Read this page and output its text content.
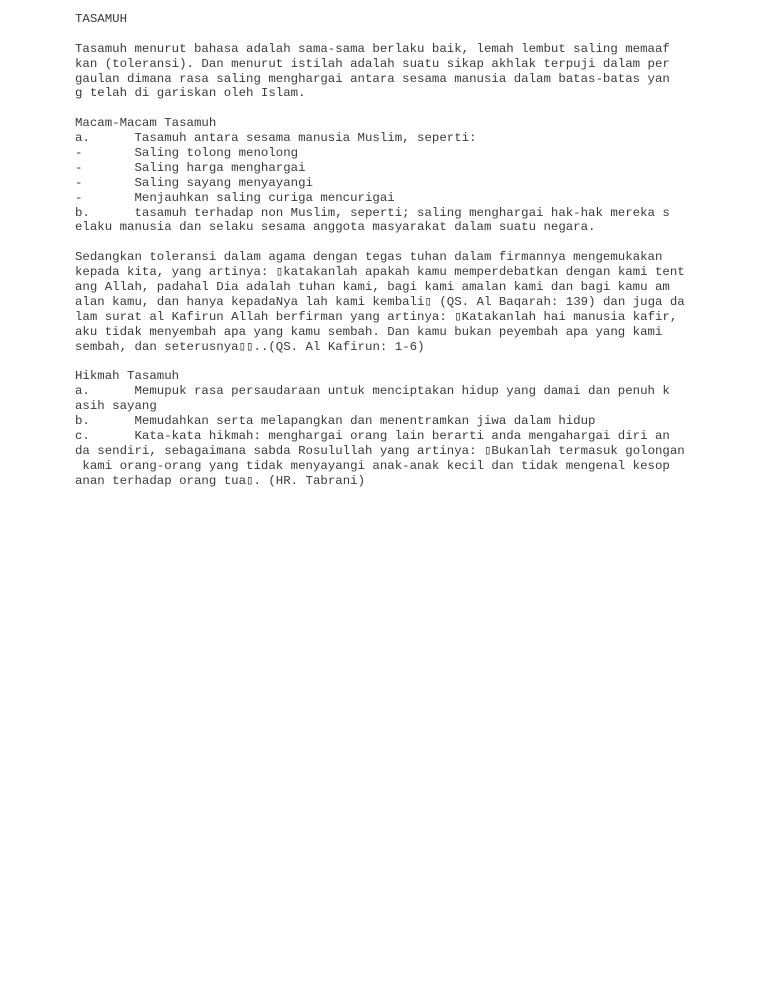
TASAMUH
Tasamuh menurut bahasa adalah sama-sama berlaku baik, lemah lembut saling memaaf
kan (toleransi). Dan menurut istilah adalah suatu sikap akhlak terpuji dalam per
gaulan dimana rasa saling menghargai antara sesama manusia dalam batas-batas yan
g telah di gariskan oleh Islam.
Macam-Macam Tasamuh
a.      Tasamuh antara sesama manusia Muslim, seperti:
-       Saling tolong menolong
-       Saling harga menghargai
-       Saling sayang menyayangi
-       Menjauhkan saling curiga mencurigai
b.      tasamuh terhadap non Muslim, seperti; saling menghargai hak-hak mereka s
elaku manusia dan selaku sesama anggota masyarakat dalam suatu negara.
Sedangkan toleransi dalam agama dengan tegas tuhan dalam firmannya mengemukakan
kepada kita, yang artinya: ▯katakanlah apakah kamu memperdebatkan dengan kami tent
ang Allah, padahal Dia adalah tuhan kami, bagi kami amalan kami dan bagi kamu am
alan kamu, dan hanya kepadaNya lah kami kembali▯ (QS. Al Baqarah: 139) dan juga da
lam surat al Kafirun Allah berfirman yang artinya: ▯Katakanlah hai manusia kafir,
aku tidak menyembah apa yang kamu sembah. Dan kamu bukan peyembah apa yang kami
sembah, dan seterusnya▯▯..(QS. Al Kafirun: 1-6)
Hikmah Tasamuh
a.      Memupuk rasa persaudaraan untuk menciptakan hidup yang damai dan penuh k
asih sayang
b.      Memudahkan serta melapangkan dan menentramkan jiwa dalam hidup
c.      Kata-kata hikmah: menghargai orang lain berarti anda mengahargai diri an
da sendiri, sebagaimana sabda Rosulullah yang artinya: ▯Bukanlah termasuk golongan
kami orang-orang yang tidak menyayangi anak-anak kecil dan tidak mengenal kesop
anan terhadap orang tua▯. (HR. Tabrani)
